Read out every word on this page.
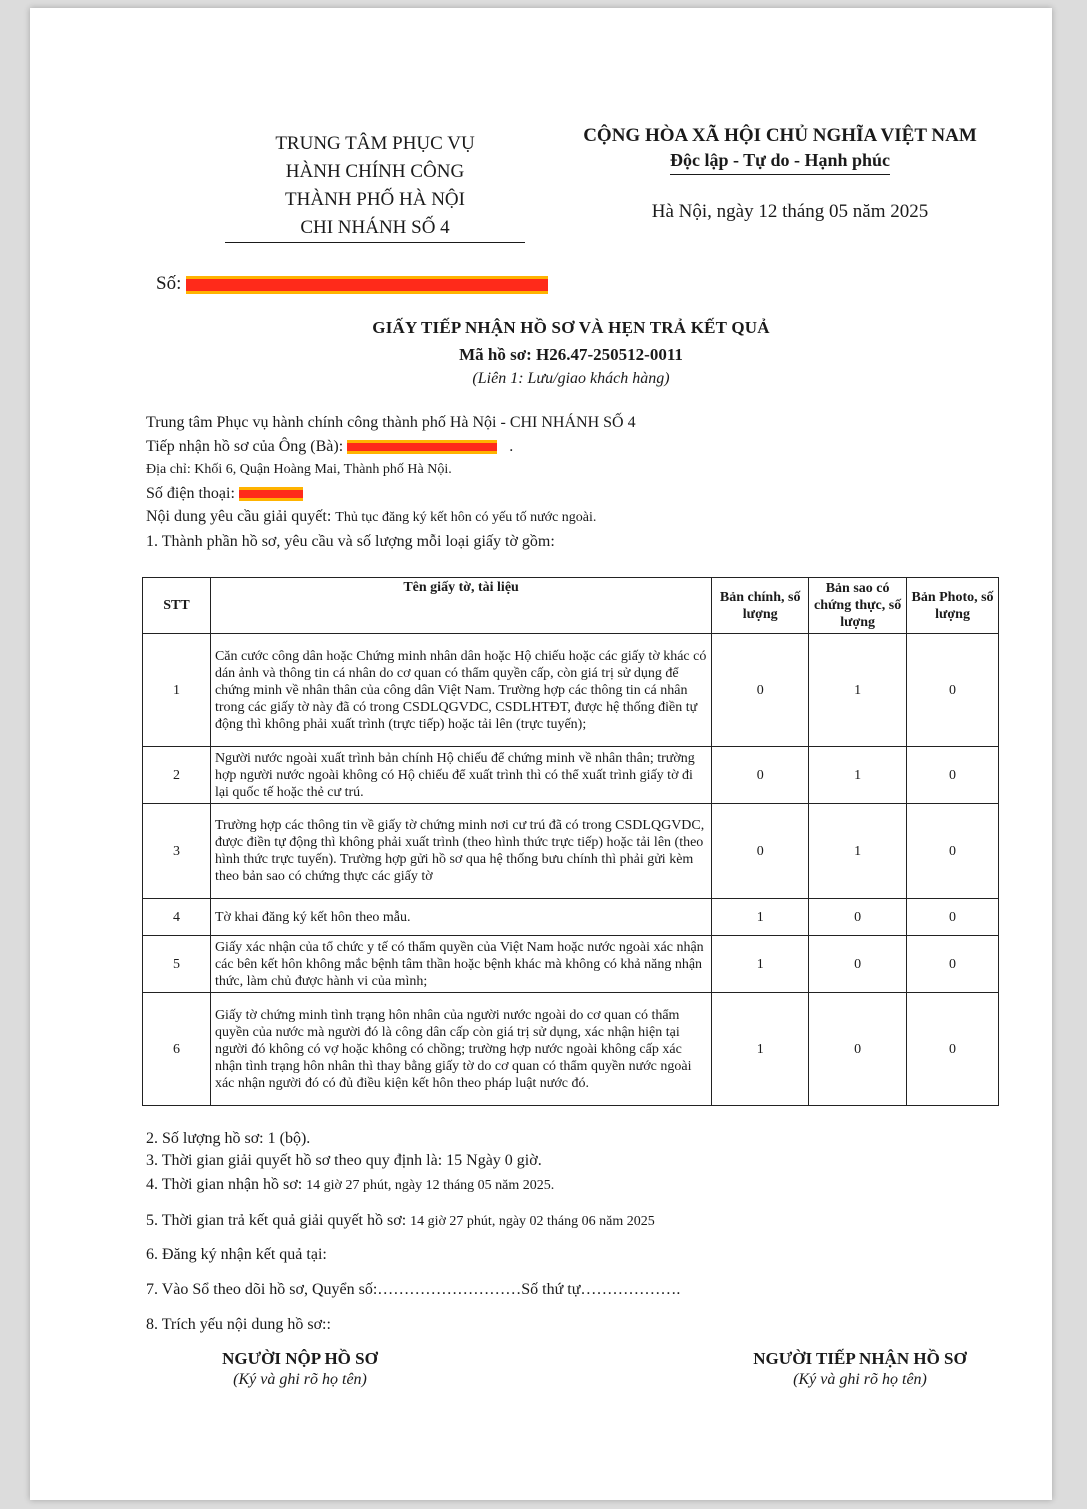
TRUNG TÂM PHỤC VỤ
HÀNH CHÍNH CÔNG
THÀNH PHỐ HÀ NỘI
CHI NHÁNH SỐ 4
CỘNG HÒA XÃ HỘI CHỦ NGHĨA VIỆT NAM
Độc lập - Tự do - Hạnh phúc
Hà Nội, ngày 12 tháng 05 năm 2025
Số:
GIẤY TIẾP NHẬN HỒ SƠ VÀ HẸN TRẢ KẾT QUẢ
Mã hồ sơ: H26.47-250512-0011
(Liên 1: Lưu/giao khách hàng)
Trung tâm Phục vụ hành chính công thành phố Hà Nội - CHI NHÁNH SỐ 4
Tiếp nhận hồ sơ của Ông (Bà):	.
Địa chỉ: Khối 6, Quận Hoàng Mai, Thành phố Hà Nội.
Số điện thoại:
Nội dung yêu cầu giải quyết: Thủ tục đăng ký kết hôn có yếu tố nước ngoài.
1. Thành phần hồ sơ, yêu cầu và số lượng mỗi loại giấy tờ gồm:
STT	Tên giấy tờ, tài liệu	Bản chính, số lượng	Bản sao có chứng thực, số lượng	Bản Photo, số lượng
1	Căn cước công dân hoặc Chứng minh nhân dân hoặc Hộ chiếu hoặc các giấy tờ khác có dán ảnh và thông tin cá nhân do cơ quan có thẩm quyền cấp, còn giá trị sử dụng để chứng minh về nhân thân của công dân Việt Nam. Trường hợp các thông tin cá nhân trong các giấy tờ này đã có trong CSDLQGVDC, CSDLHTĐT, được hệ thống điền tự động thì không phải xuất trình (trực tiếp) hoặc tải lên (trực tuyến);	0	1	0
2	Người nước ngoài xuất trình bản chính Hộ chiếu để chứng minh về nhân thân; trường hợp người nước ngoài không có Hộ chiếu để xuất trình thì có thể xuất trình giấy tờ đi lại quốc tế hoặc thẻ cư trú.	0	1	0
3	Trường hợp các thông tin về giấy tờ chứng minh nơi cư trú đã có trong CSDLQGVDC, được điền tự động thì không phải xuất trình (theo hình thức trực tiếp) hoặc tải lên (theo hình thức trực tuyến). Trường hợp gửi hồ sơ qua hệ thống bưu chính thì phải gửi kèm theo bản sao có chứng thực các giấy tờ	0	1	0
4	Tờ khai đăng ký kết hôn theo mẫu.	1	0	0
5	Giấy xác nhận của tổ chức y tế có thẩm quyền của Việt Nam hoặc nước ngoài xác nhận các bên kết hôn không mắc bệnh tâm thần hoặc bệnh khác mà không có khả năng nhận thức, làm chủ được hành vi của mình;	1	0	0
6	Giấy tờ chứng minh tình trạng hôn nhân của người nước ngoài do cơ quan có thẩm quyền của nước mà người đó là công dân cấp còn giá trị sử dụng, xác nhận hiện tại người đó không có vợ hoặc không có chồng; trường hợp nước ngoài không cấp xác nhận tình trạng hôn nhân thì thay bằng giấy tờ do cơ quan có thẩm quyền nước ngoài xác nhận người đó có đủ điều kiện kết hôn theo pháp luật nước đó.	1	0	0
2. Số lượng hồ sơ: 1 (bộ).
3. Thời gian giải quyết hồ sơ theo quy định là: 15 Ngày 0 giờ.
4. Thời gian nhận hồ sơ: 14 giờ 27 phút, ngày 12 tháng 05 năm 2025.
5. Thời gian trả kết quả giải quyết hồ sơ: 14 giờ 27 phút, ngày 02 tháng 06 năm 2025
6. Đăng ký nhận kết quả tại:
7. Vào Sổ theo dõi hồ sơ, Quyển số:………………………Số thứ tự……………….
8. Trích yếu nội dung hồ sơ::
NGƯỜI NỘP HỒ SƠ
(Ký và ghi rõ họ tên)
NGƯỜI TIẾP NHẬN HỒ SƠ
(Ký và ghi rõ họ tên)
